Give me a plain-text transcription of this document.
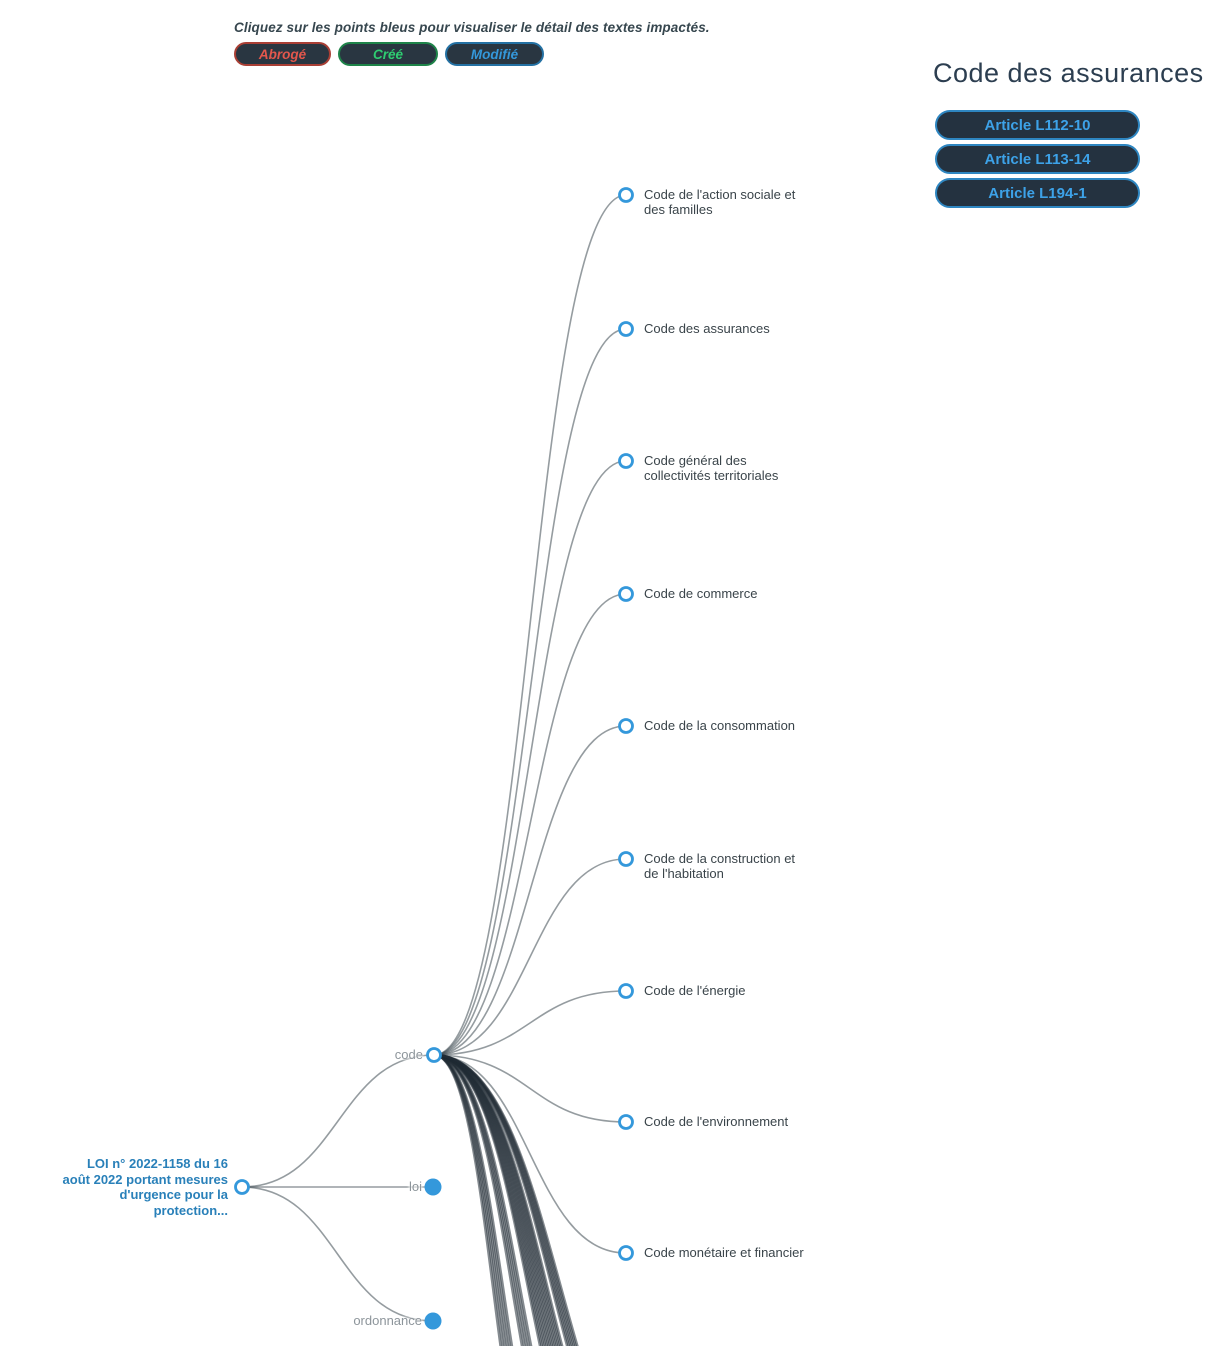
Cliquez sur les points bleus pour visualiser le détail des textes impactés.
Abrogé	Créé	Modifié
Code des assurances
Article L112-10
Article L113-14
Article L194-1
LOI n° 2022-1158 du 16
août 2022 portant mesures
d'urgence pour la
protection...
code
loi
ordonnance
Code de l'action sociale et
des familles
Code des assurances
Code général des
collectivités territoriales
Code de commerce
Code de la consommation
Code de la construction et
de l'habitation
Code de l'énergie
Code de l'environnement
Code monétaire et financier
